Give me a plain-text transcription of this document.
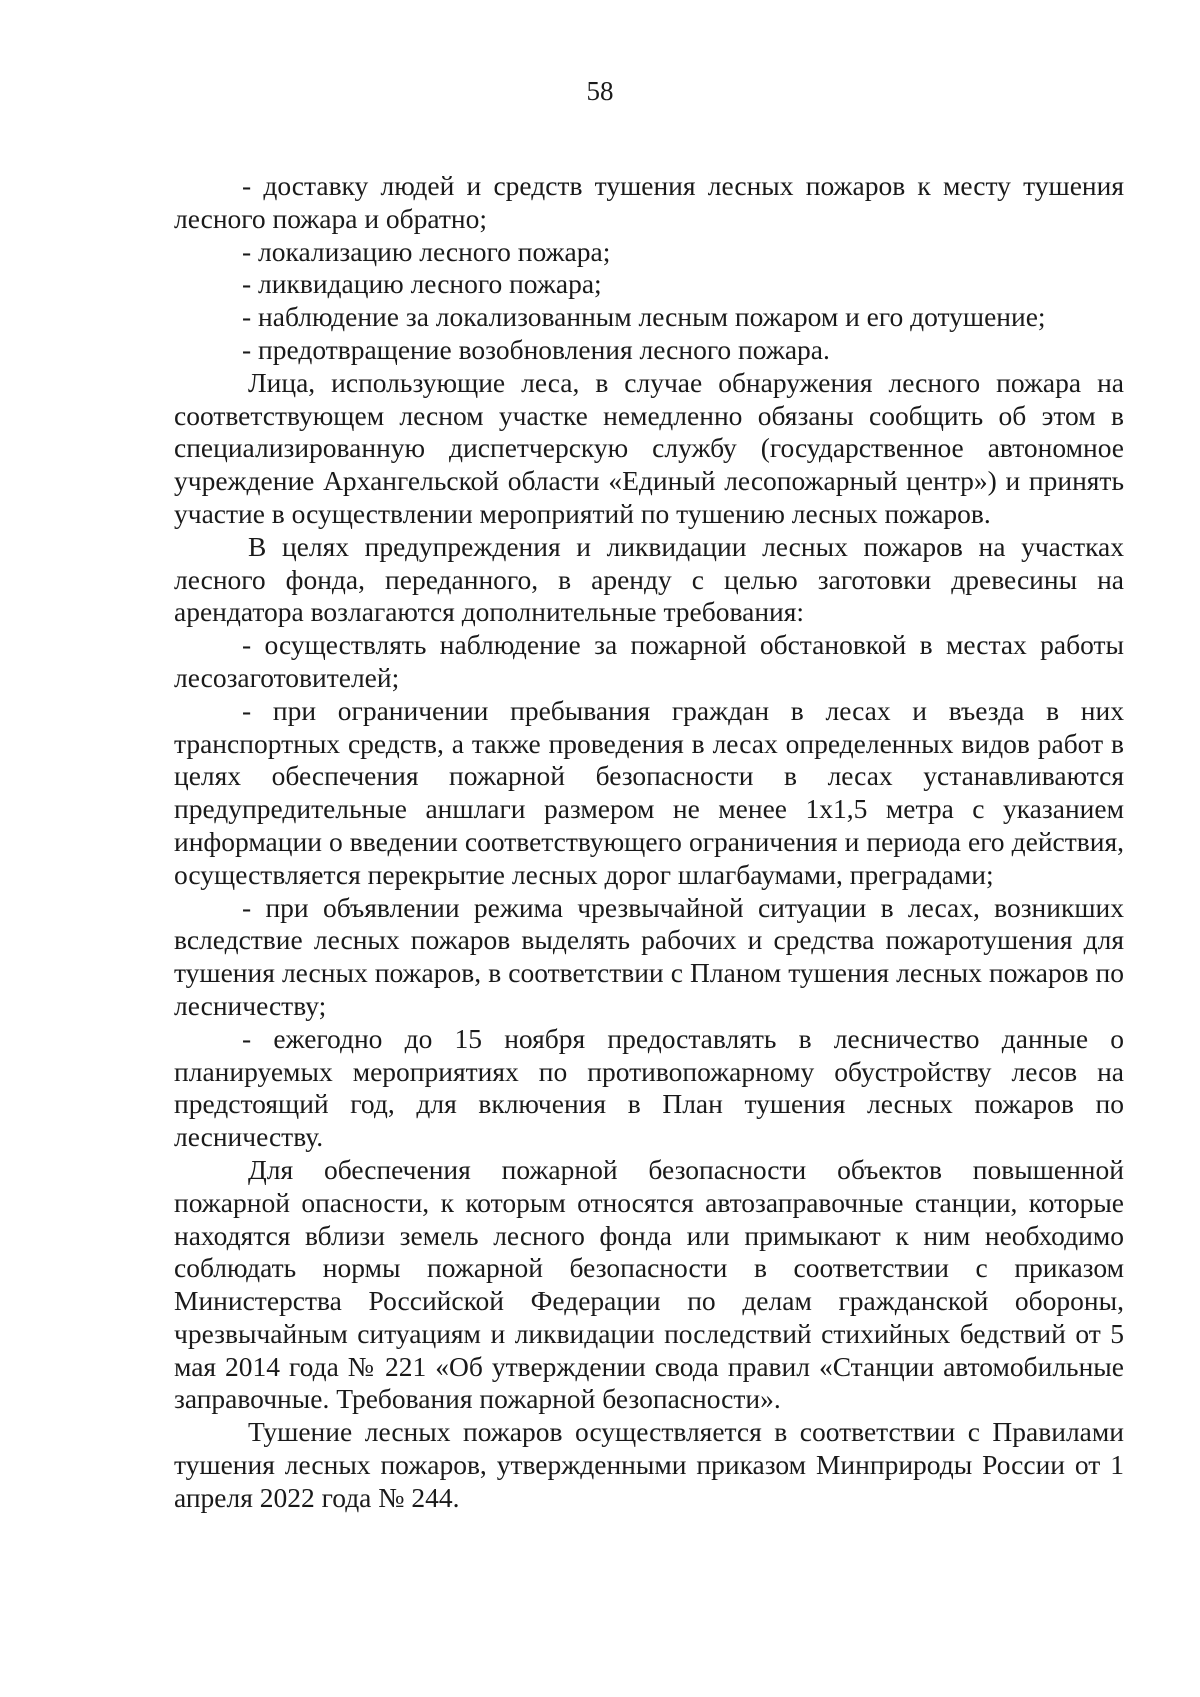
58

- доставку людей и средств тушения лесных пожаров к месту тушения лесного пожара и обратно;

- локализацию лесного пожара;

- ликвидацию лесного пожара;

- наблюдение за локализованным лесным пожаром и его дотушение;

- предотвращение возобновления лесного пожара.

Лица, использующие леса, в случае обнаружения лесного пожара на соответствующем лесном участке немедленно обязаны сообщить об этом в специализированную диспетчерскую службу (государственное автономное учреждение Архангельской области «Единый лесопожарный центр») и принять участие в осуществлении мероприятий по тушению лесных пожаров.

В целях предупреждения и ликвидации лесных пожаров на участках лесного фонда, переданного, в аренду с целью заготовки древесины на арендатора возлагаются дополнительные требования:

- осуществлять наблюдение за пожарной обстановкой в местах работы лесозаготовителей;

- при ограничении пребывания граждан в лесах и въезда в них транспортных средств, а также проведения в лесах определенных видов работ в целях обеспечения пожарной безопасности в лесах устанавливаются предупредительные аншлаги размером не менее 1х1,5 метра с указанием информации о введении соответствующего ограничения и периода его действия, осуществляется перекрытие лесных дорог шлагбаумами, преградами;

- при объявлении режима чрезвычайной ситуации в лесах, возникших вследствие лесных пожаров выделять рабочих и средства пожаротушения для тушения лесных пожаров, в соответствии с Планом тушения лесных пожаров по лесничеству;

- ежегодно до 15 ноября предоставлять в лесничество данные о планируемых мероприятиях по противопожарному обустройству лесов на предстоящий год, для включения в План тушения лесных пожаров по лесничеству.

Для обеспечения пожарной безопасности объектов повышенной пожарной опасности, к которым относятся автозаправочные станции, которые находятся вблизи земель лесного фонда или примыкают к ним необходимо соблюдать нормы пожарной безопасности в соответствии с приказом Министерства Российской Федерации по делам гражданской обороны, чрезвычайным ситуациям и ликвидации последствий стихийных бедствий от 5 мая 2014 года № 221 «Об утверждении свода правил «Станции автомобильные заправочные. Требования пожарной безопасности».

Тушение лесных пожаров осуществляется в соответствии с Правилами тушения лесных пожаров, утвержденными приказом Минприроды России от 1 апреля 2022 года № 244.
